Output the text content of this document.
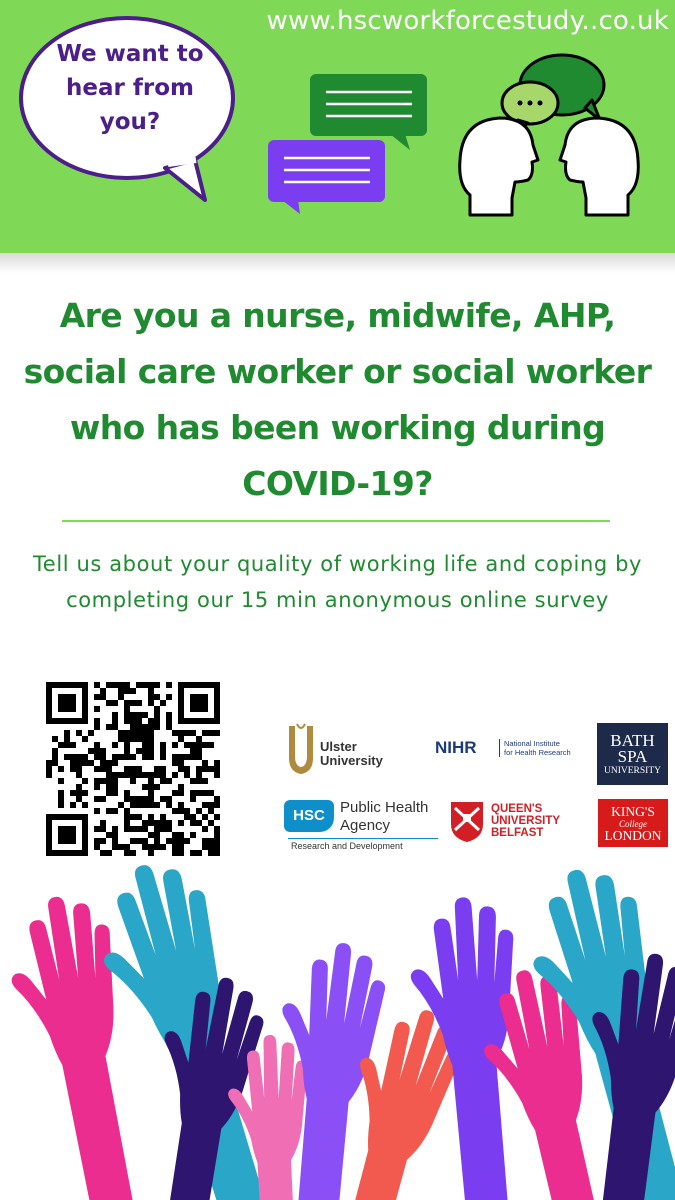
www.hscworkforcestudy..co.uk
We want to hear from you?
Are you a nurse, midwife, AHP, social care worker or social worker who has been working during COVID-19?
Tell us about your quality of working life and coping by completing our 15 min anonymous online survey
Ulster University
NIHR	National Institute
for Health Research
BATH
SPA
UNIVERSITY
HSC	Public Health
Agency
Research and Development
QUEEN'S
UNIVERSITY
BELFAST
KING'S
College
LONDON
